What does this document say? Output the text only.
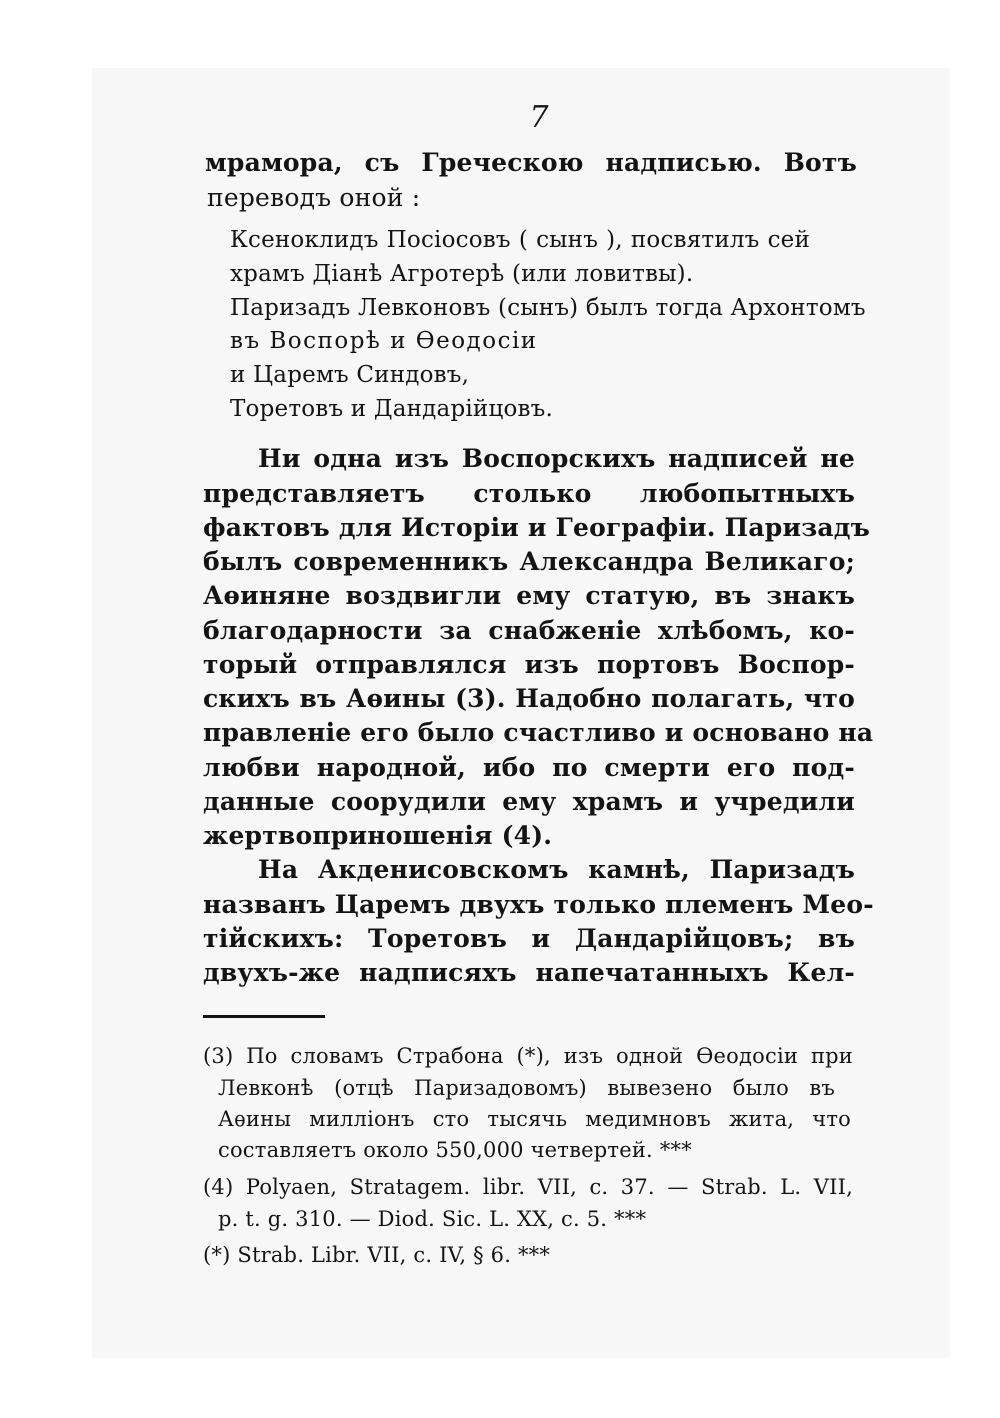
7
мрамора, съ Греческою надписью. Вотъ
переводъ оной :
Ксеноклидъ Посіосовъ ( сынъ ), посвятилъ сей
храмъ Діанѣ Агротерѣ (или ловитвы).
Паризадъ Левконовъ (сынъ) былъ тогда Архонтомъ
въ Воспорѣ и Ѳеодосіи
и Царемъ Синдовъ,
Торетовъ и Дандарійцовъ.
Ни одна изъ Воспорскихъ надписей не
представляетъ столько любопытныхъ
фактовъ для Исторіи и Географіи. Паризадъ
былъ современникъ Александра Великаго;
Аѳиняне воздвигли ему статую, въ знакъ
благодарности за снабженіе хлѣбомъ, ко-
торый отправлялся изъ портовъ Воспор-
скихъ въ Аѳины (3). Надобно полагать, что
правленіе его было счастливо и основано на
любви народной, ибо по смерти его под-
данные соорудили ему храмъ и учредили
жертвоприношенія (4).
На Акденисовскомъ камнѣ, Паризадъ
названъ Царемъ двухъ только племенъ Мео-
тійскихъ: Торетовъ и Дандарійцовъ; въ
двухъ-же надписяхъ напечатанныхъ Кел-
(3) По словамъ Страбона (*), изъ одной Ѳеодосіи при
Левконѣ (отцѣ Паризадовомъ) вывезено было въ
Аѳины милліонъ сто тысячь медимновъ жита, что
составляетъ около 550,000 четвертей. ***
(4) Polyaen, Stratagem. libr. VII, c. 37. — Strab. L. VII,
p. t. g. 310. — Diod. Sic. L. XX, c. 5. ***
(*) Strab. Libr. VII, c. IV, § 6. ***
